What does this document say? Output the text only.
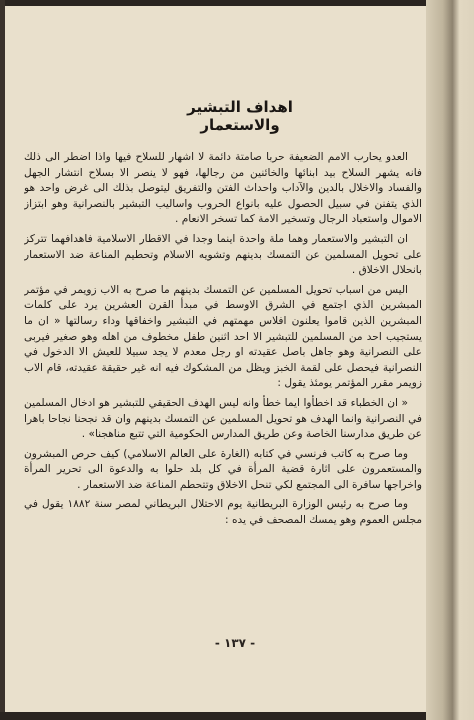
اهداف التبشير والاستعمار

العدو يحارب الامم الضعيفة حربا صامتة دائمة لا اشهار للسلاح فيها واذا اضطر الى ذلك فانه يشهر السلاح بيد ابنائها والخائنين من رجالها، فهو لا ينصر الا بسلاح انتشار الجهل والفساد والاخلال بالدين والآداب واحداث الفتن والتفريق ليتوصل بذلك الى غرض واحد هو الذي يتفنن في سبيل الحصول عليه بانواع الحروب واساليب التبشير بالنصرانية وهو ابتزاز الاموال واستعباد الرجال وتسخير الامة كما تسخر الانعام .

ان التبشير والاستعمار وهما ملة واحدة اينما وجدا في الاقطار الاسلامية فاهدافهما تتركز على تحويل المسلمين عن التمسك بدينهم وتشويه الاسلام وتحطيم المناعة ضد الاستعمار بانحلال الاخلاق .

اليس من اسباب تحويل المسلمين عن التمسك بدينهم ما صرح به الاب زويمر في مؤتمر المبشرين الذي اجتمع في الشرق الاوسط في مبدأ القرن العشرين يرد على كلمات المبشرين الذين قاموا يعلنون افلاس مهمتهم في التبشير واخفاقها وداء رسالتها « ان ما يستجيب احد من المسلمين للتبشير الا احد اثنين طفل مخطوف من اهله وهو صغير فيربى على النصرانية وهو جاهل باصل عقيدته او رجل معدم لا يجد سبيلا للعيش الا الدخول في النصرانية فيحصل على لقمة الخبز ويظل من المشكوك فيه انه غير حقيقة عقيدته، قام الاب زويمر مقرر المؤتمر يومئذ يقول :

« ان الخطباء قد اخطأوا ايما خطأ وانه ليس الهدف الحقيقي للتبشير هو ادخال المسلمين في النصرانية وانما الهدف هو تحويل المسلمين عن التمسك بدينهم وان قد نجحنا نجاحا باهرا عن طريق مدارسنا الخاصة وعن طريق المدارس الحكومية التي تتبع مناهجنا» .

وما صرح به كاتب فرنسي في كتابه (الغارة على العالم الاسلامي) كيف حرص المبشرون والمستعمرون على اثارة قضية المرأة في كل بلد حلوا به والدعوة الى تحرير المرأة واخراجها سافرة الى المجتمع لكي تنحل الاخلاق وتتحطم المناعة ضد الاستعمار .

وما صرح به رئيس الوزارة البريطانية يوم الاحتلال البريطاني لمصر سنة ١٨٨٢ يقول في مجلس العموم وهو يمسك المصحف في يده :

- ١٣٧ -
